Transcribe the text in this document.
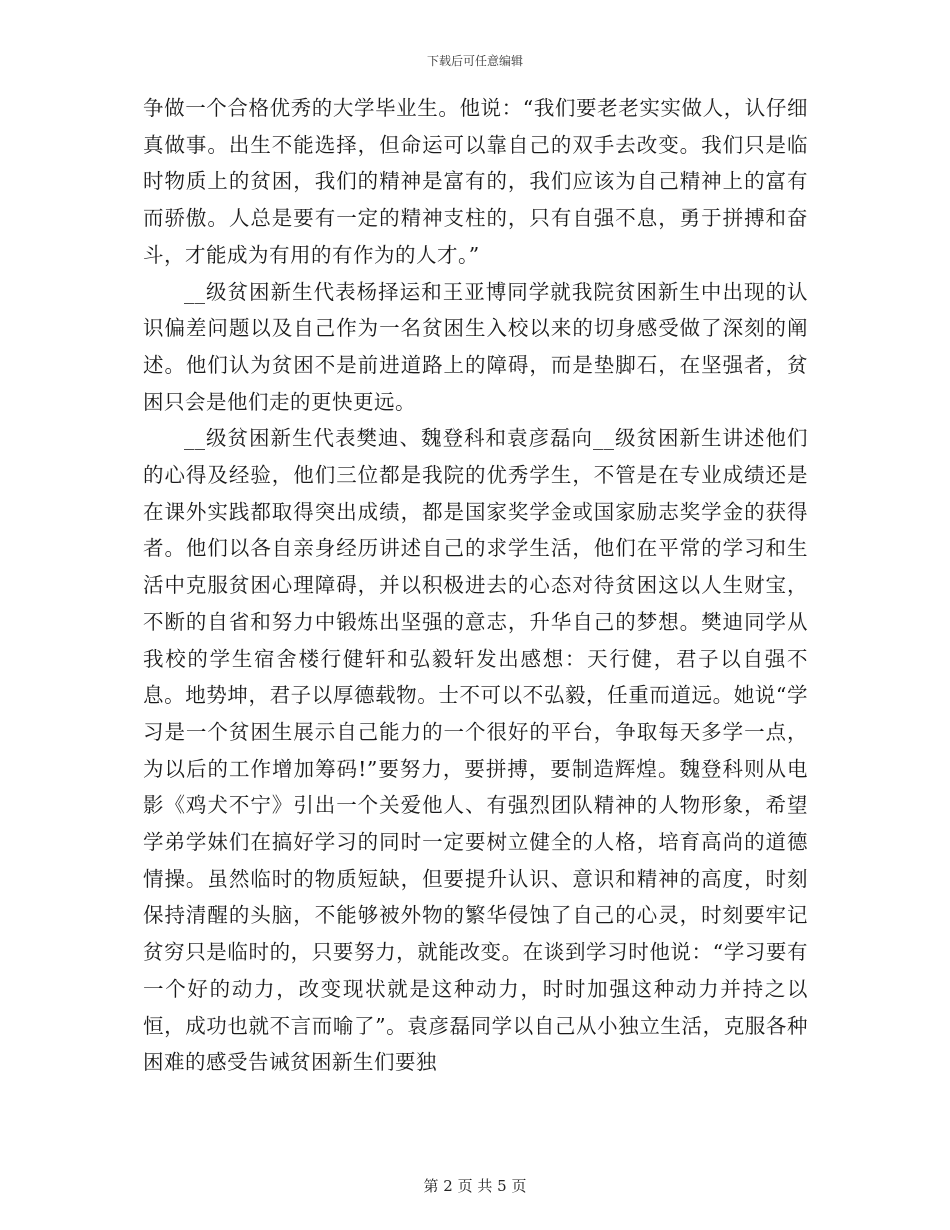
下载后可任意编辑

争做一个合格优秀的大学毕业生。他说：“我们要老老实实做人，认仔细真做事。出生不能选择，但命运可以靠自己的双手去改变。我们只是临时物质上的贫困，我们的精神是富有的，我们应该为自己精神上的富有而骄傲。人总是要有一定的精神支柱的，只有自强不息，勇于拼搏和奋斗，才能成为有用的有作为的人才。”

__级贫困新生代表杨择运和王亚博同学就我院贫困新生中出现的认识偏差问题以及自己作为一名贫困生入校以来的切身感受做了深刻的阐述。他们认为贫困不是前进道路上的障碍，而是垫脚石，在坚强者，贫困只会是他们走的更快更远。

__级贫困新生代表樊迪、魏登科和袁彦磊向__级贫困新生讲述他们的心得及经验，他们三位都是我院的优秀学生，不管是在专业成绩还是在课外实践都取得突出成绩，都是国家奖学金或国家励志奖学金的获得者。他们以各自亲身经历讲述自己的求学生活，他们在平常的学习和生活中克服贫困心理障碍，并以积极进去的心态对待贫困这以人生财宝，不断的自省和努力中锻炼出坚强的意志，升华自己的梦想。樊迪同学从我校的学生宿舍楼行健轩和弘毅轩发出感想：天行健，君子以自强不息。地势坤，君子以厚德载物。士不可以不弘毅，任重而道远。她说“学习是一个贫困生展示自己能力的一个很好的平台，争取每天多学一点，为以后的工作增加筹码!”要努力，要拼搏，要制造辉煌。魏登科则从电影《鸡犬不宁》引出一个关爱他人、有强烈团队精神的人物形象，希望学弟学妹们在搞好学习的同时一定要树立健全的人格，培育高尚的道德情操。虽然临时的物质短缺，但要提升认识、意识和精神的高度，时刻保持清醒的头脑，不能够被外物的繁华侵蚀了自己的心灵，时刻要牢记贫穷只是临时的，只要努力，就能改变。在谈到学习时他说：“学习要有一个好的动力，改变现状就是这种动力，时时加强这种动力并持之以恒，成功也就不言而喻了”。袁彦磊同学以自己从小独立生活，克服各种困难的感受告诫贫困新生们要独

第 2 页 共 5 页
